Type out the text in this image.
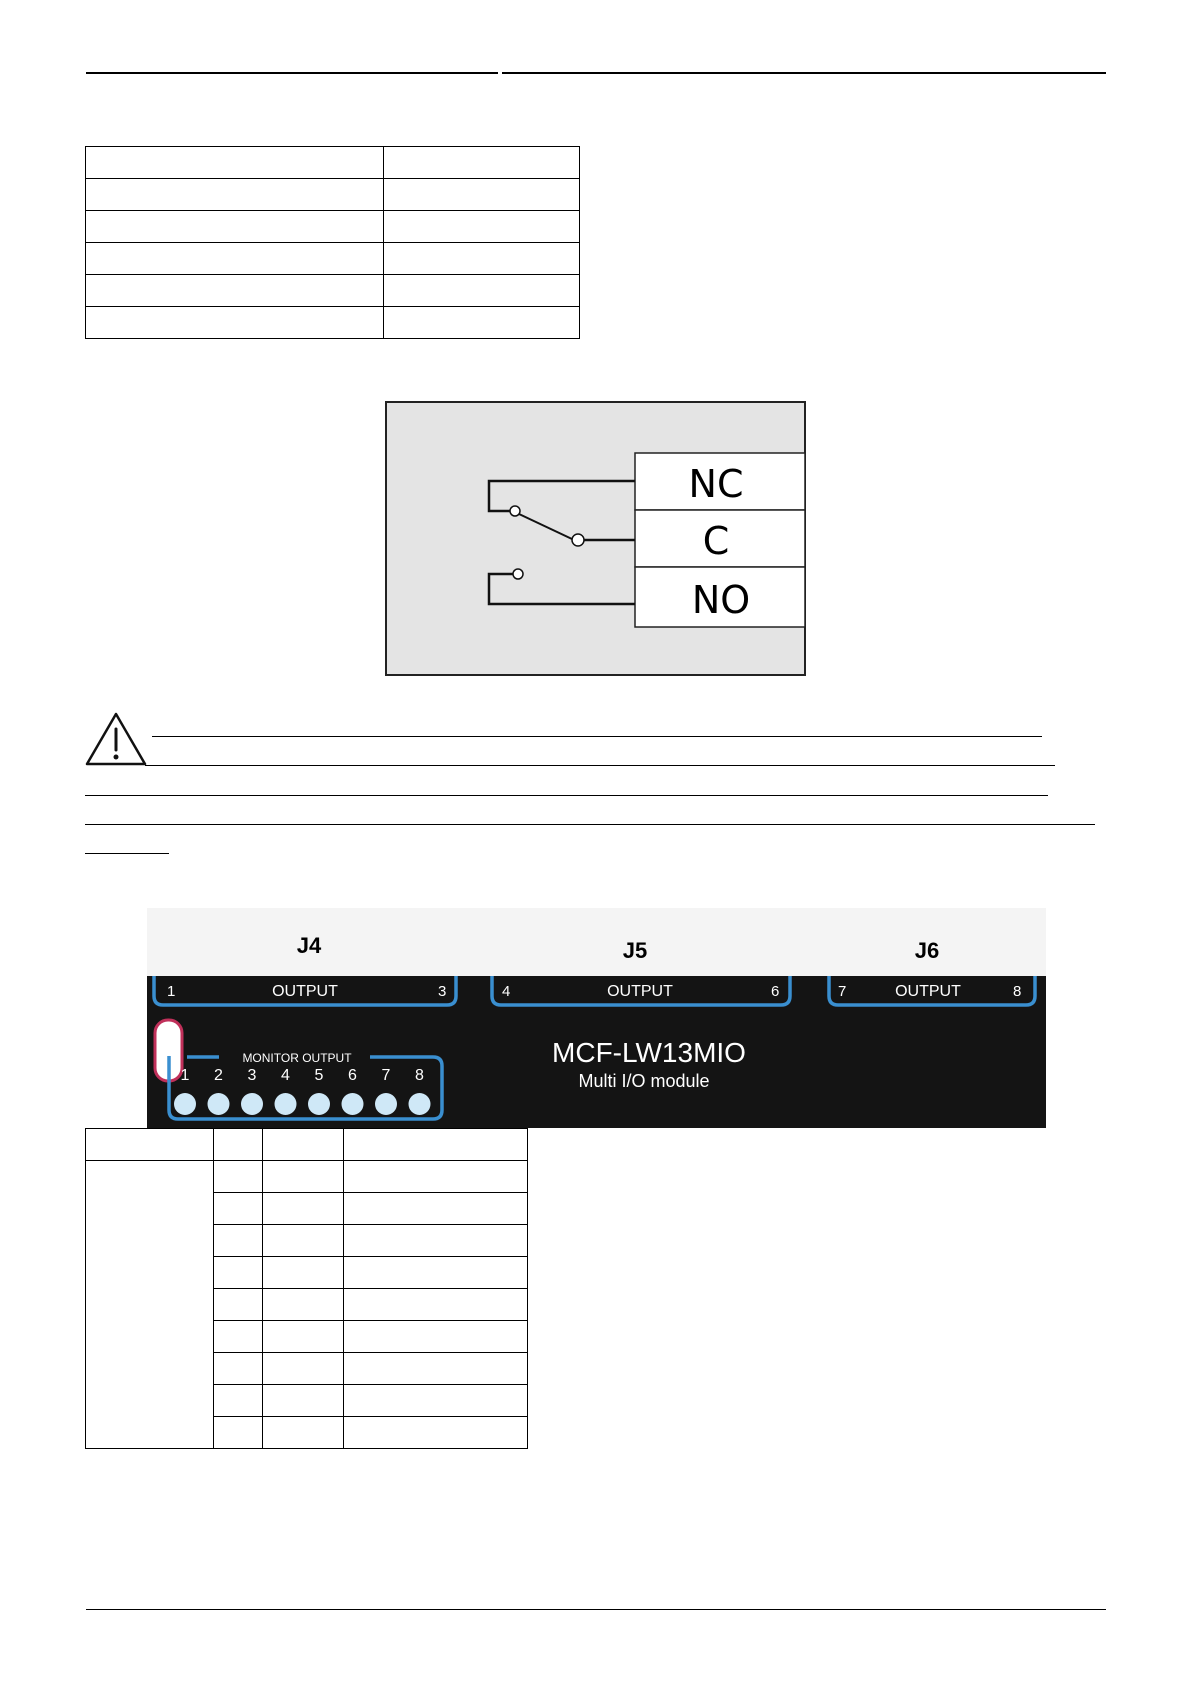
NC
C
NO
J4	J5	J6
1	OUTPUT	3	4	OUTPUT	6	7	OUTPUT	8
MONITOR OUTPUT
1 2 3 4 5 6 7 8
MCF-LW13MIO
Multi I/O module
